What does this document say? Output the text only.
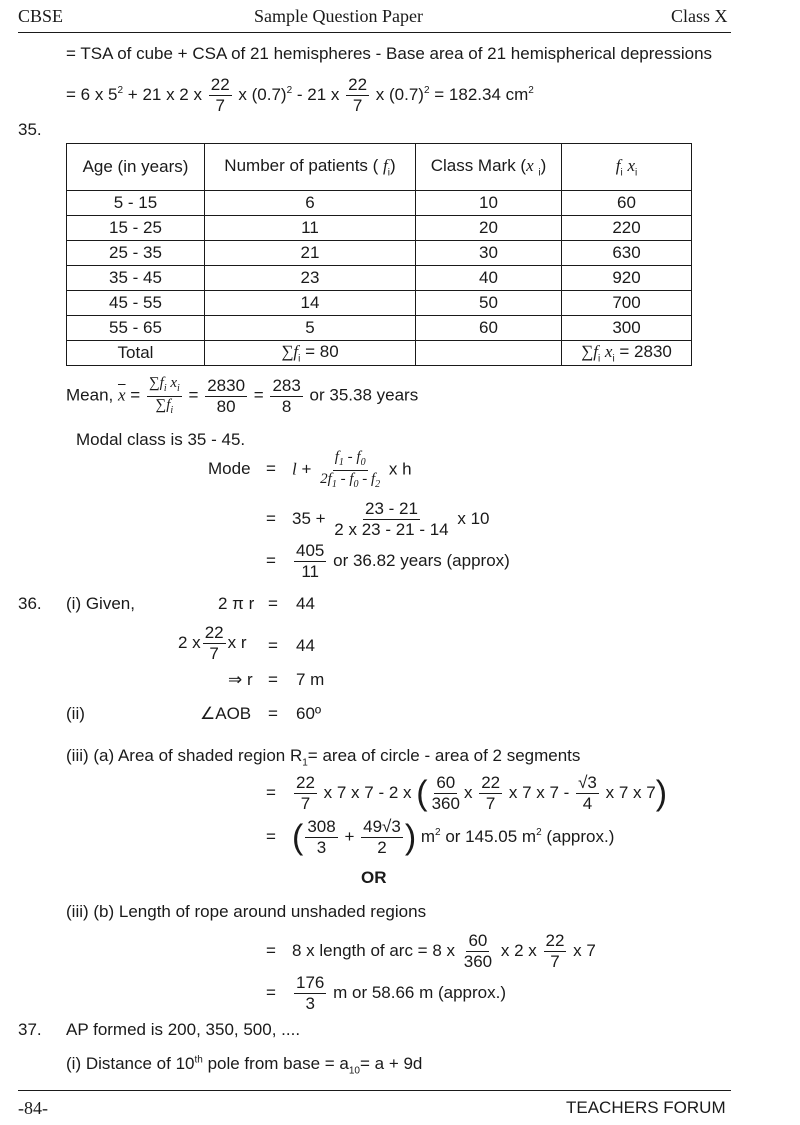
CBSE	Sample Question Paper	Class X
= TSA of cube + CSA of 21 hemispheres - Base area of 21 hemispherical depressions
= 6 x $5^2 + 21$ x 2 x $\frac{22}{7}$ x $(0.7)^2 - 21$ x $\frac{22}{7}$ x $(0.7)^2 = 182.34$ $cm^2$
35.
Age (in years)	Number of patients ( $f_i$)	Class Mark (x $_i$)	$f_i$ $x_i$
5 - 15	6	10	60
15 - 25	11	20	220
25 - 35	21	30	630
35 - 45	23	40	920
45 - 55	14	50	700
55 - 65	5	60	300
Total	$\sum f_i = 80$		$\sum f_i$ $x_i = 2830$
Mean, $\overline{x} = \frac{\sum f_i x_i}{\sum f_i} = \frac{2830}{80} = \frac{283}{8}$ or 35.38 years
Modal class is 35 - 45.
Mode = $l + \frac{f_1 - f_0}{2f_1 - f_0 - f_2}$ x h
= $35 + \frac{23 - 21}{2 x 23 - 21 - 14}$ x 10
= $\frac{405}{11}$ or 36.82 years (approx)
36. (i) Given,	2 π r = 44
2 x $\frac{22}{7}$ x r = 44
⇒ r = 7 m
(ii)	∠AOB = 60º
(iii) (a) Area of shaded region $R_1=$ area of circle - area of 2 segments
= $\frac{22}{7}$ x 7 x 7 - 2 x ( $\frac{60}{360}$ x $\frac{22}{7}$ x 7 x $7 - \frac{√3}{4}$ x 7 x 7)
= ( $\frac{308}{3} + \frac{49√3}{2}$ ) $m^2$ or 145.05 $m^2$ (approx.)
OR
(iii) (b) Length of rope around unshaded regions
= 8 x length of arc = 8 x $\frac{60}{360}$ x 2 x $\frac{22}{7}$ x 7
= $\frac{176}{3}$ m or 58.66 m (approx.)
37. AP formed is 200, 350, 500, ....
(i) Distance of 10th pole from base = $a_{10}= a + 9d$
-84-	TEACHERS FORUM
